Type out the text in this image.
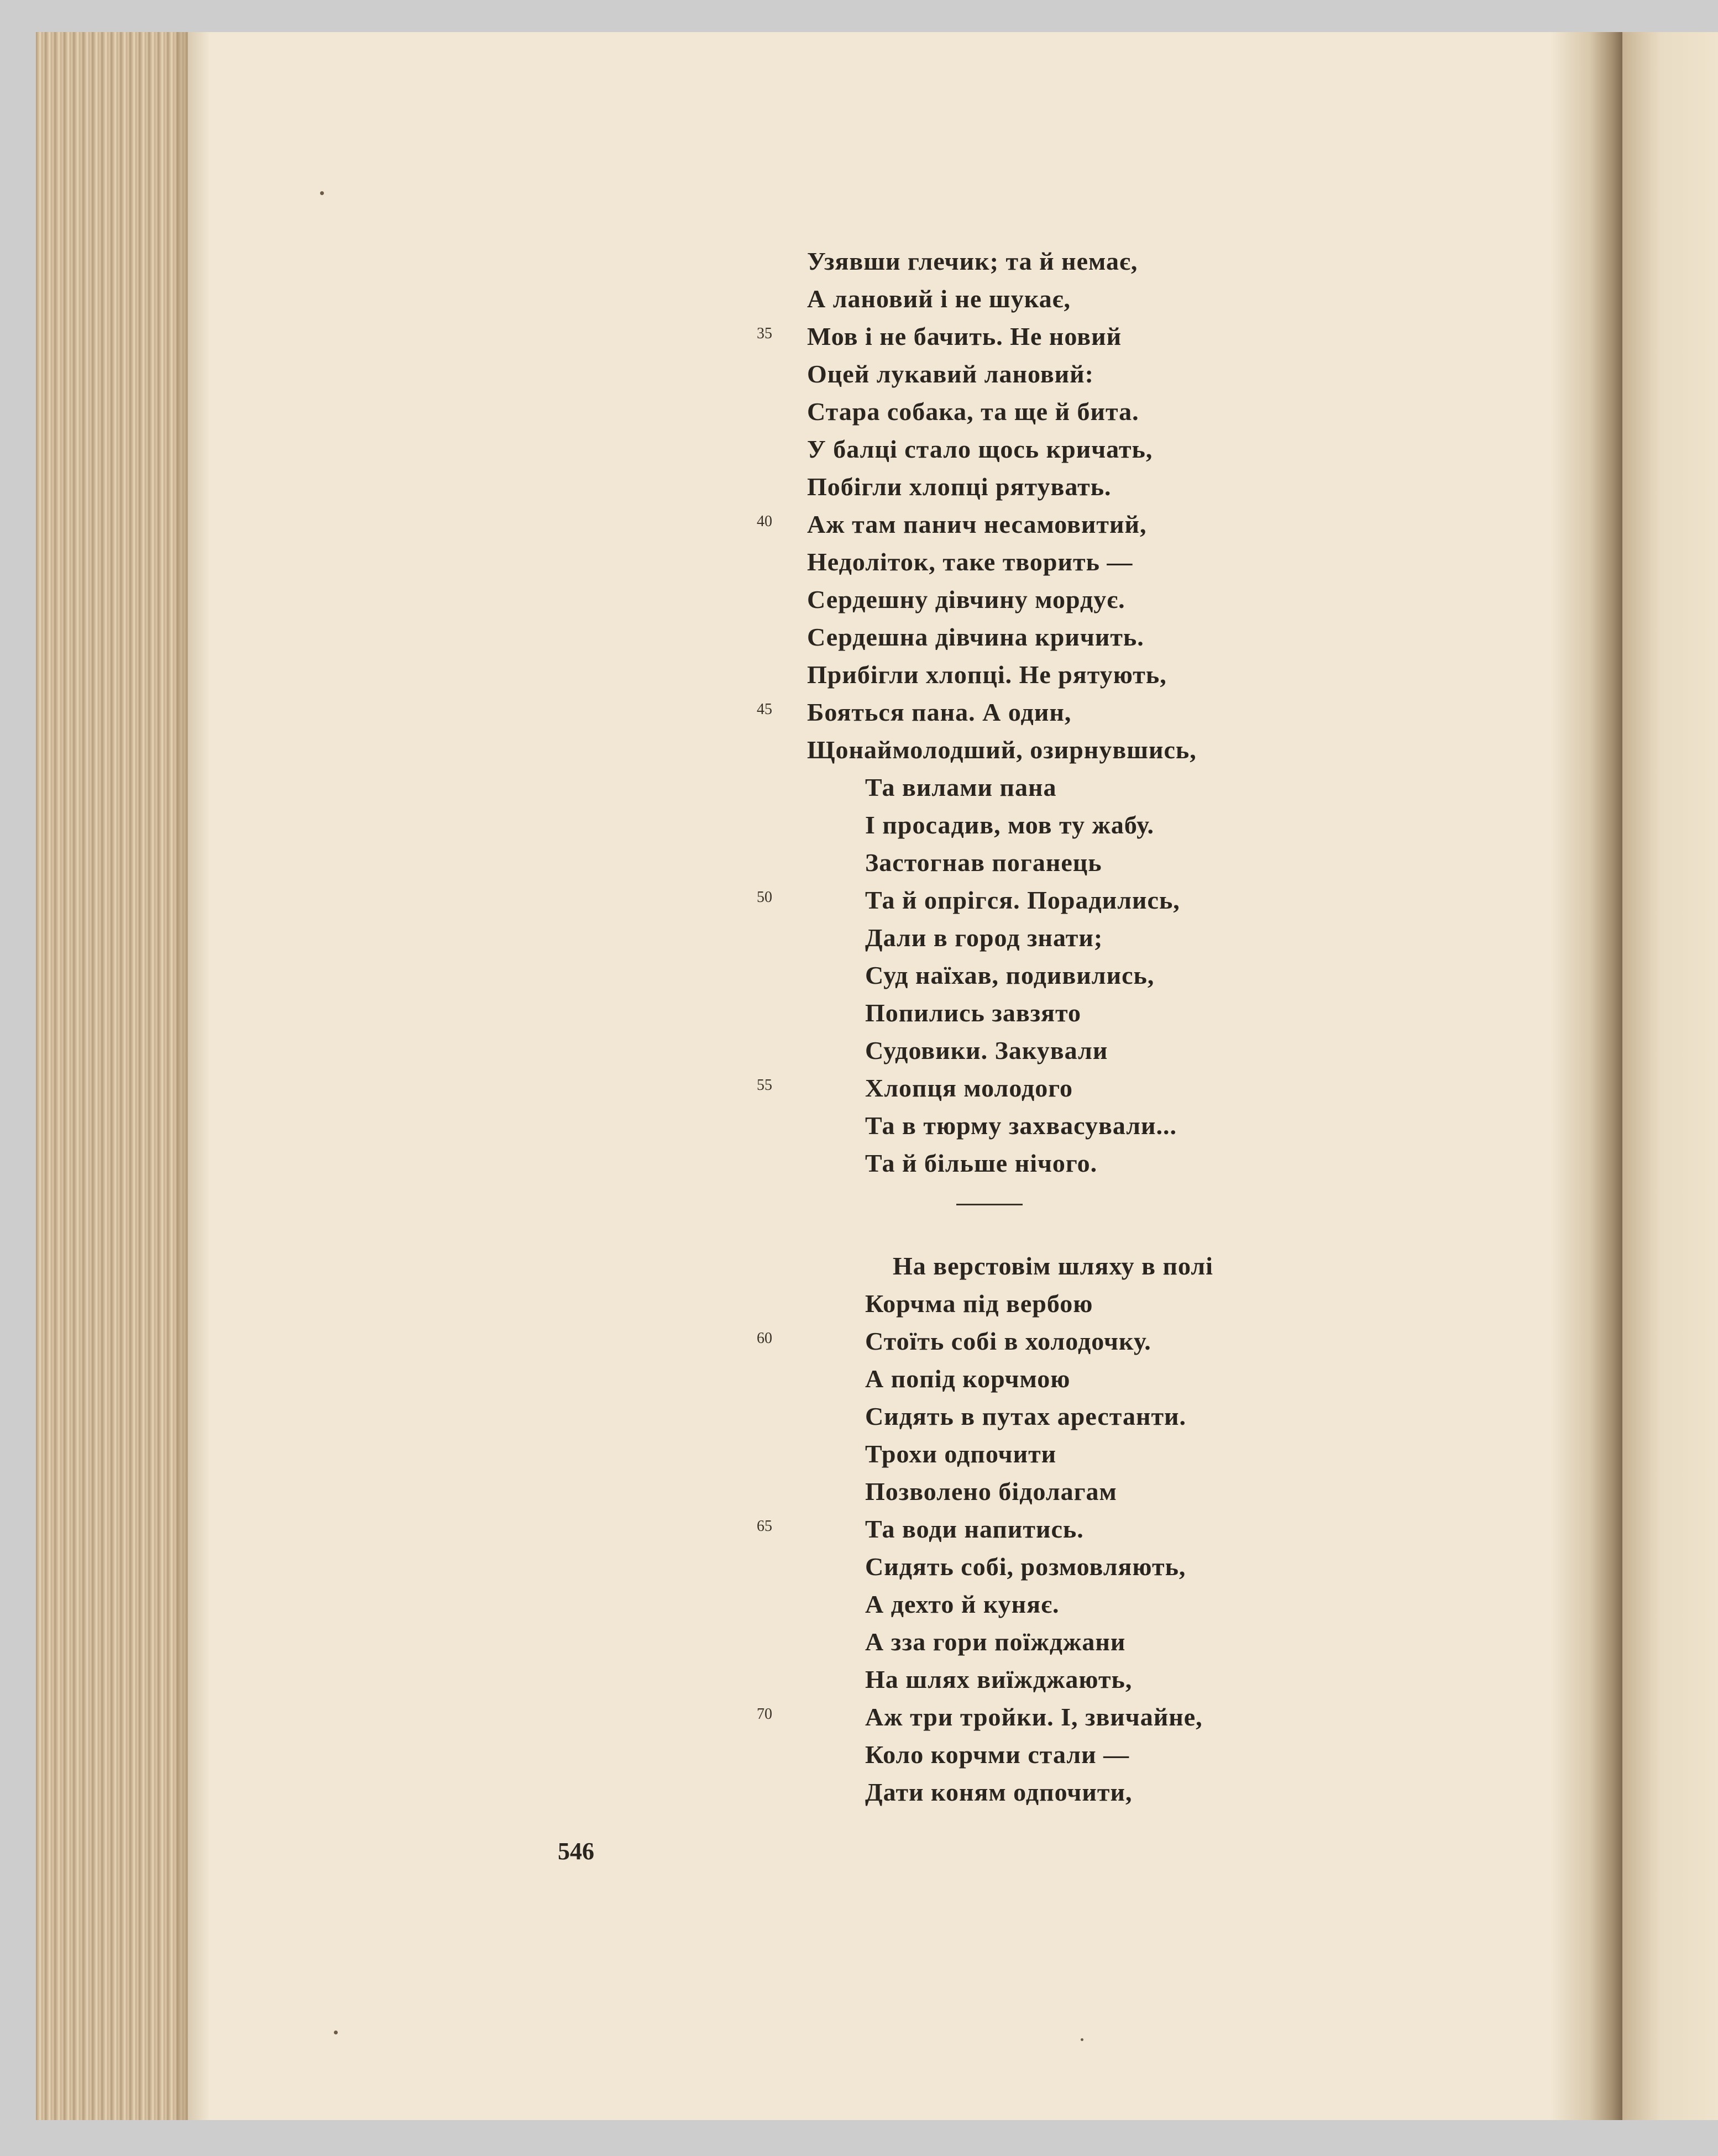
Узявши глечик; та й немає,
А лановий і не шукає,
35 Мов і не бачить. Не новий
Оцей лукавий лановий:
Стара собака, та ще й бита.
У балці стало щось кричать,
Побігли хлопці рятувать.
40 Аж там панич несамовитий,
Недоліток, таке творить —
Сердешну дівчину мордує.
Сердешна дівчина кричить.
Прибігли хлопці. Не рятують,
45 Бояться пана. А один,
Щонаймолодший, озирнувшись,
Та вилами пана
І просадив, мов ту жабу.
Застогнав поганець
50	Та й опрігся. Порадились,
Дали в город знати;
Суд наїхав, подивились,
Попились завзято
Судовики. Закували
55	Хлопця молодого
Та в тюрму захвасували...
Та й більше нічого.
На верстовім шляху в полі
Корчма під вербою
60	Стоїть собі в холодочку.
А попід корчмою
Сидять в путах арестанти.
Трохи одпочити
Позволено бідолагам
65	Та води напитись.
Сидять собі, розмовляють,
А дехто й куняє.
А зза гори поїжджани
На шлях виїжджають,
70	Аж три тройки. І, звичайне,
Коло корчми стали —
Дати коням одпочити,
546
